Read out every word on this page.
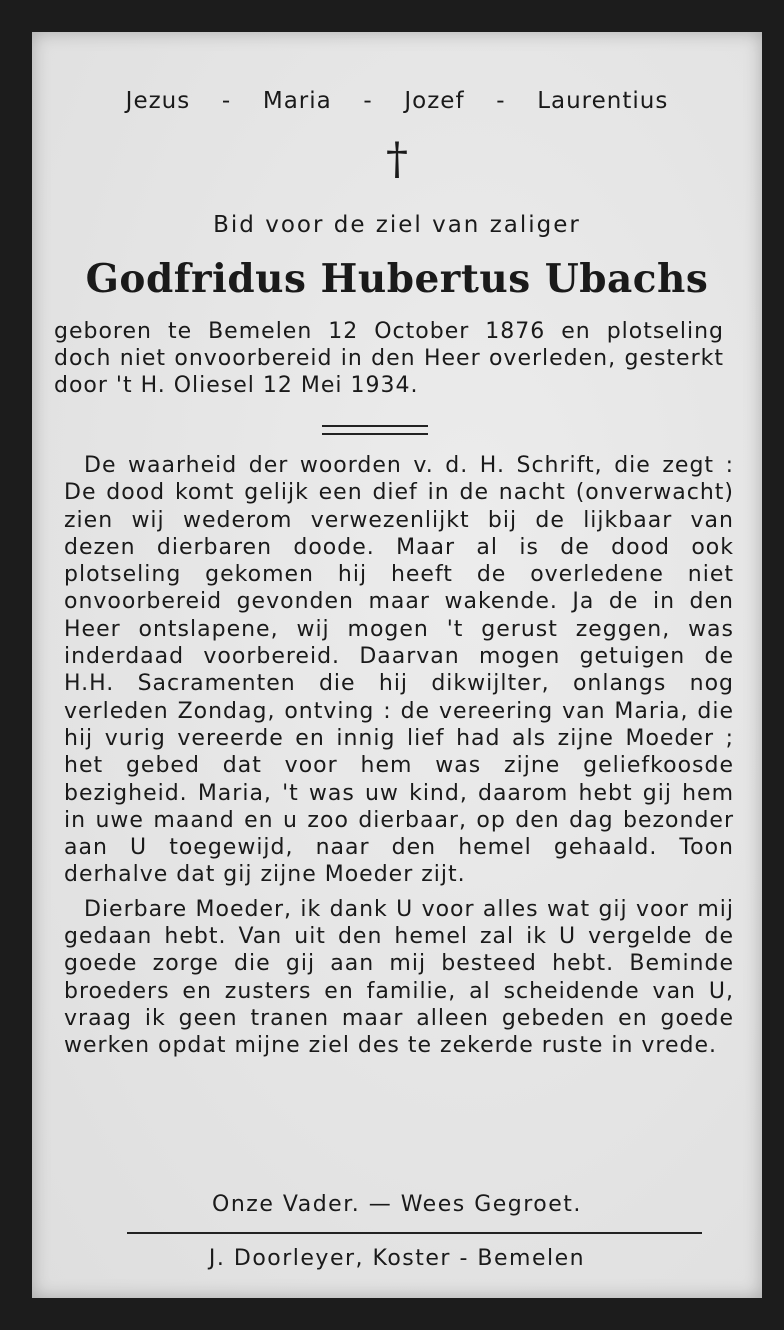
Jezus - Maria - Jozef - Laurentius
†
Bid voor de ziel van zaliger
Godfridus Hubertus Ubachs

geboren te Bemelen 12 October 1876 en plotseling doch niet onvoorbereid in den Heer overleden, gesterkt door 't H. Oliesel 12 Mei 1934.

De waarheid der woorden v. d. H. Schrift, die zegt : De dood komt gelijk een dief in de nacht (onverwacht) zien wij wederom verwezenlijkt bij de lijkbaar van dezen dierbaren doode. Maar al is de dood ook plotseling gekomen hij heeft de overledene niet onvoorbereid gevonden maar wakende. Ja de in den Heer ontslapene, wij mogen 't gerust zeggen, was inderdaad voorbereid. Daarvan mogen getuigen de H.H. Sacramenten die hij dikwijlter, onlangs nog verleden Zondag, ontving : de vereering van Maria, die hij vurig vereerde en innig lief had als zijne Moeder ; het gebed dat voor hem was zijne geliefkoosde bezigheid. Maria, 't was uw kind, daarom hebt gij hem in uwe maand en u zoo dierbaar, op den dag bezonder aan U toegewijd, naar den hemel gehaald. Toon derhalve dat gij zijne Moeder zijt.

Dierbare Moeder, ik dank U voor alles wat gij voor mij gedaan hebt. Van uit den hemel zal ik U vergelde de goede zorge die gij aan mij besteed hebt. Beminde broeders en zusters en familie, al scheidende van U, vraag ik geen tranen maar alleen gebeden en goede werken opdat mijne ziel des te zekerde ruste in vrede.

Onze Vader. — Wees Gegroet.
J. Doorleyer, Koster - Bemelen
